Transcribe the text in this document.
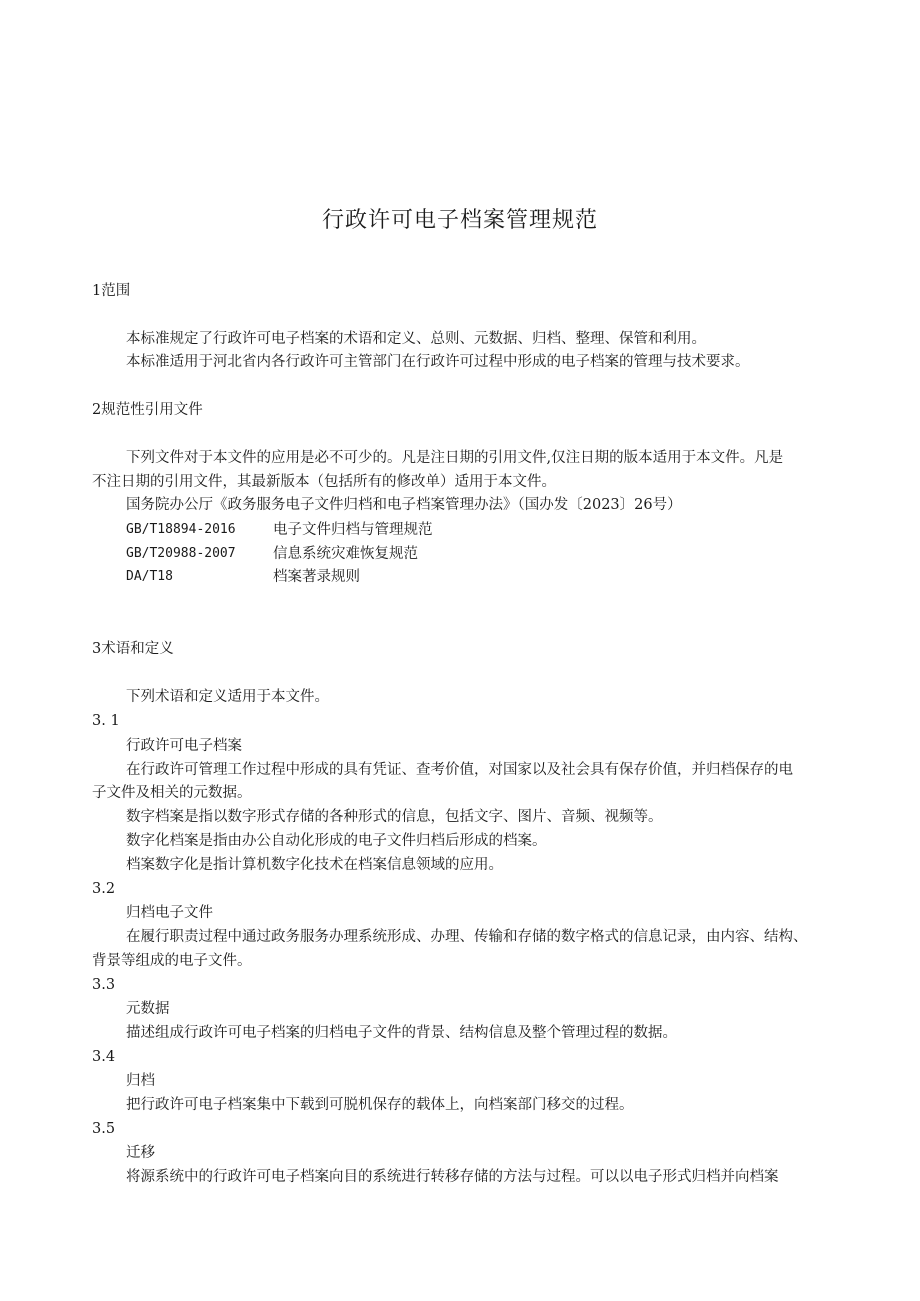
行政许可电子档案管理规范
1范围
本标准规定了行政许可电子档案的术语和定义、总则、元数据、归档、整理、保管和利用。
本标准适用于河北省内各行政许可主管部门在行政许可过程中形成的电子档案的管理与技术要求。
2规范性引用文件
下列文件对于本文件的应用是必不可少的。凡是注日期的引用文件,仅注日期的版本适用于本文件。凡是
不注日期的引用文件，其最新版本（包括所有的修改单）适用于本文件。
国务院办公厅《政务服务电子文件归档和电子档案管理办法》（国办发〔2023〕26号）
GB/T18894-2016	电子文件归档与管理规范
GB/T20988-2007	信息系统灾难恢复规范
DA/T18	档案著录规则
3术语和定义
下列术语和定义适用于本文件。
3. 1
行政许可电子档案
在行政许可管理工作过程中形成的具有凭证、查考价值，对国家以及社会具有保存价值，并归档保存的电
子文件及相关的元数据。
数字档案是指以数字形式存储的各种形式的信息，包括文字、图片、音频、视频等。
数字化档案是指由办公自动化形成的电子文件归档后形成的档案。
档案数字化是指计算机数字化技术在档案信息领域的应用。
3.2
归档电子文件
在履行职责过程中通过政务服务办理系统形成、办理、传输和存储的数字格式的信息记录，由内容、结构、
背景等组成的电子文件。
3.3
元数据
描述组成行政许可电子档案的归档电子文件的背景、结构信息及整个管理过程的数据。
3.4
归档
把行政许可电子档案集中下载到可脱机保存的载体上，向档案部门移交的过程。
3.5
迁移
将源系统中的行政许可电子档案向目的系统进行转移存储的方法与过程。可以以电子形式归档并向档案
